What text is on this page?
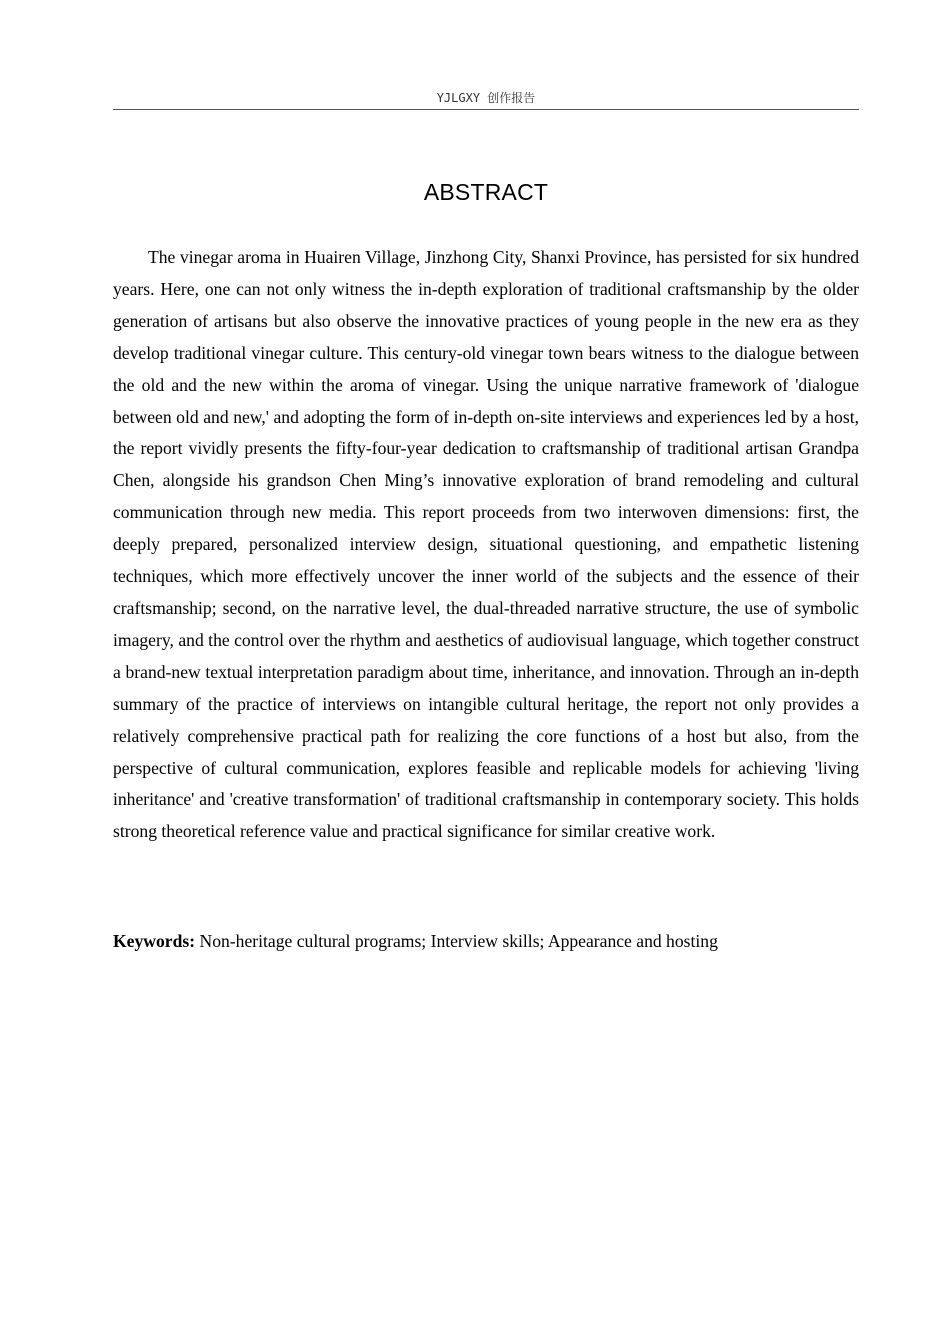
YJLGXY 创作报告
ABSTRACT

The vinegar aroma in Huairen Village, Jinzhong City, Shanxi Province, has persisted for six hundred years. Here, one can not only witness the in-depth exploration of traditional craftsmanship by the older generation of artisans but also observe the innovative practices of young people in the new era as they develop traditional vinegar culture. This century-old vinegar town bears witness to the dialogue between the old and the new within the aroma of vinegar. Using the unique narrative framework of 'dialogue between old and new,' and adopting the form of in-depth on-site interviews and experiences led by a host, the report vividly presents the fifty-four-year dedication to craftsmanship of traditional artisan Grandpa Chen, alongside his grandson Chen Ming’s innovative exploration of brand remodeling and cultural communication through new media. This report proceeds from two interwoven dimensions: first, the deeply prepared, personalized interview design, situational questioning, and empathetic listening techniques, which more effectively uncover the inner world of the subjects and the essence of their craftsmanship; second, on the narrative level, the dual-threaded narrative structure, the use of symbolic imagery, and the control over the rhythm and aesthetics of audiovisual language, which together construct a brand-new textual interpretation paradigm about time, inheritance, and innovation. Through an in-depth summary of the practice of interviews on intangible cultural heritage, the report not only provides a relatively comprehensive practical path for realizing the core functions of a host but also, from the perspective of cultural communication, explores feasible and replicable models for achieving 'living inheritance' and 'creative transformation' of traditional craftsmanship in contemporary society. This holds strong theoretical reference value and practical significance for similar creative work.

Keywords: Non-heritage cultural programs; Interview skills; Appearance and hosting
